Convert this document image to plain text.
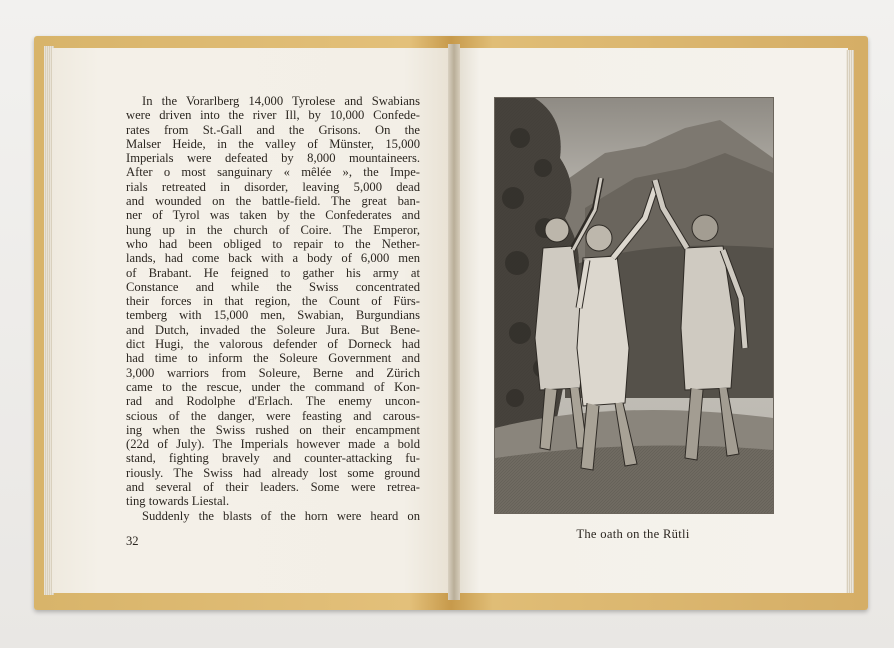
In the Vorarlberg 14,000 Tyrolese and Swabians
were driven into the river Ill, by 10,000 Confede-
rates from St.-Gall and the Grisons. On the
Malser Heide, in the valley of Münster, 15,000
Imperials were defeated by 8,000 mountaineers.
After o most sanguinary « mêlée », the Impe-
rials retreated in disorder, leaving 5,000 dead
and wounded on the battle-field. The great ban-
ner of Tyrol was taken by the Confederates and
hung up in the church of Coire. The Emperor,
who had been obliged to repair to the Nether-
lands, had come back with a body of 6,000 men
of Brabant. He feigned to gather his army at
Constance and while the Swiss concentrated
their forces in that region, the Count of Fürs-
temberg with 15,000 men, Swabian, Burgundians
and Dutch, invaded the Soleure Jura. But Bene-
dict Hugi, the valorous defender of Dorneck had
had time to inform the Soleure Government and
3,000 warriors from Soleure, Berne and Zürich
came to the rescue, under the command of Kon-
rad and Rodolphe d'Erlach. The enemy uncon-
scious of the danger, were feasting and carous-
ing when the Swiss rushed on their encampment
(22d of July). The Imperials however made a bold
stand, fighting bravely and counter-attacking fu-
riously. The Swiss had already lost some ground
and several of their leaders. Some were retrea-
ting towards Liestal.
Suddenly the blasts of the horn were heard on
32	The oath on the Rütli
